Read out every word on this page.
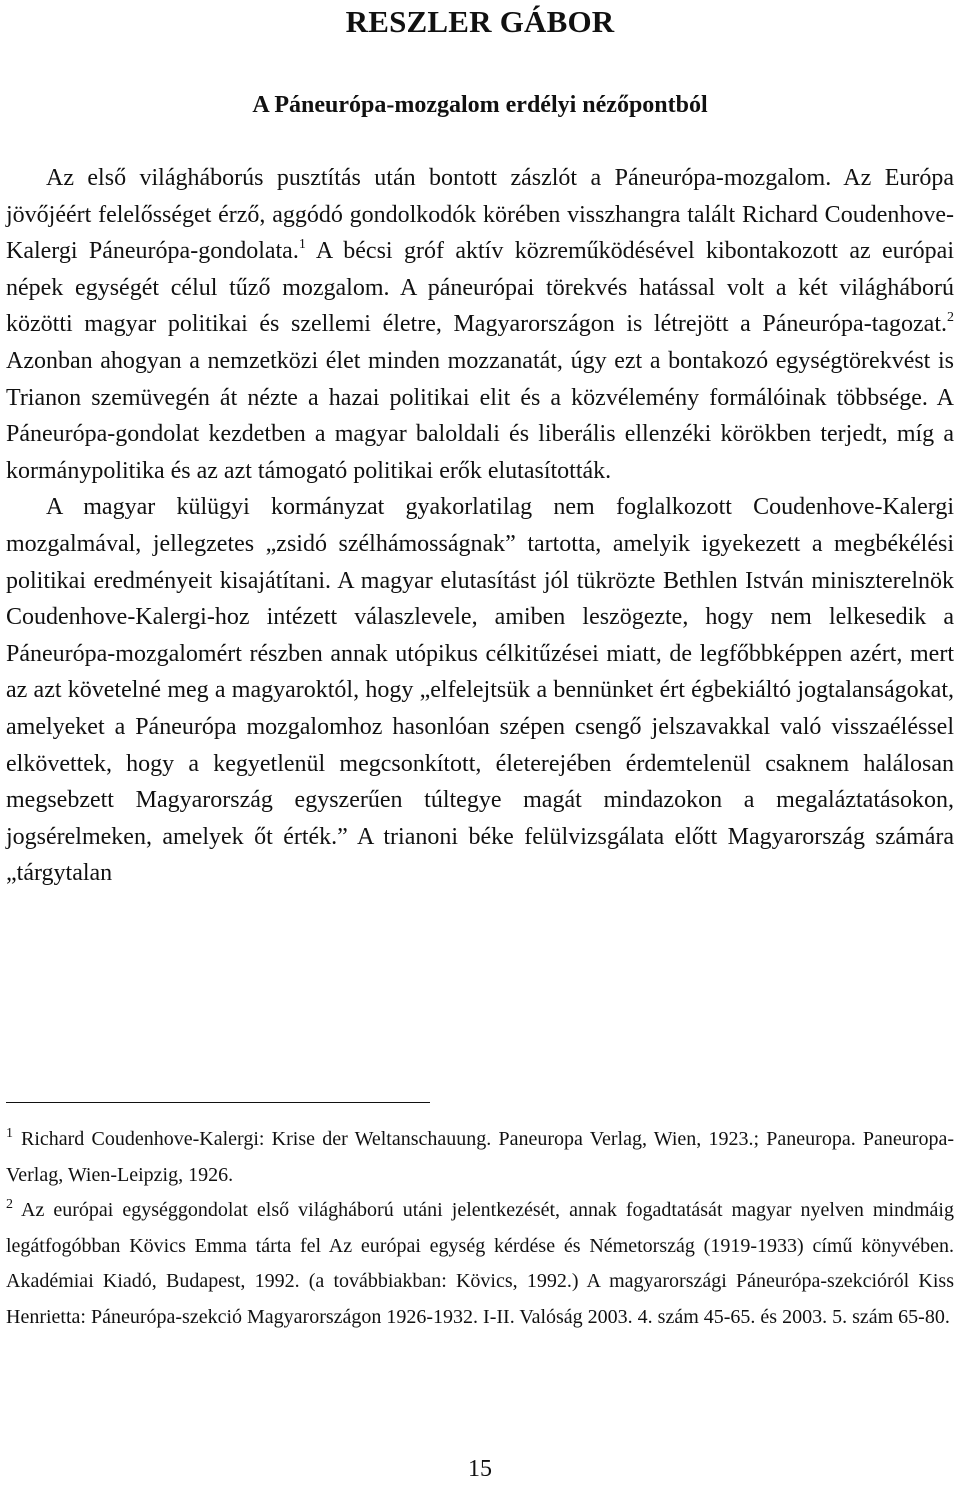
RESZLER GÁBOR
A Páneurópa-mozgalom erdélyi nézőpontból

Az első világháborús pusztítás után bontott zászlót a Páneurópa-mozgalom. Az Európa jövőjéért felelősséget érző, aggódó gondolkodók körében visszhangra talált Richard Coudenhove-Kalergi Páneurópa-gondolata.$^1$ A bécsi gróf aktív közreműködésével kibontakozott az európai népek egységét célul tűző mozgalom. A páneurópai törekvés hatással volt a két világháború közötti magyar politikai és szellemi életre, Magyarországon is létrejött a Páneurópa-tagozat.$^2$ Azonban ahogyan a nemzetközi élet minden mozzanatát, úgy ezt a bontakozó egységtörekvést is Trianon szemüvegén át nézte a hazai politikai elit és a közvélemény formálóinak többsége. A Páneurópa-gondolat kezdetben a magyar baloldali és liberális ellenzéki körökben terjedt, míg a kormánypolitika és az azt támogató politikai erők elutasították.

A magyar külügyi kormányzat gyakorlatilag nem foglalkozott Coudenhove-Kalergi mozgalmával, jellegzetes „zsidó szélhámosságnak” tartotta, amelyik igyekezett a megbékélési politikai eredményeit kisajátítani. A magyar elutasítást jól tükrözte Bethlen István miniszterelnök Coudenhove-Kalergi-hoz intézett válaszlevele, amiben leszögezte, hogy nem lelkesedik a Páneurópa-mozgalomért részben annak utópikus célkitűzései miatt, de legfőbbképpen azért, mert az azt követelné meg a magyaroktól, hogy „elfelejtsük a bennünket ért égbekiáltó jogtalanságokat, amelyeket a Páneurópa mozgalomhoz hasonlóan szépen csengő jelszavakkal való visszaéléssel elkövettek, hogy a kegyetlenül megcsonkított, életerejében érdemtelenül csaknem halálosan megsebzett Magyarország egyszerűen túltegye magát mindazokon a megaláztatásokon, jogsérelmeken, amelyek őt érték.” A trianoni béke felülvizsgálata előtt Magyarország számára „tárgytalan

$^1$ Richard Coudenhove-Kalergi: Krise der Weltanschauung. Paneuropa Verlag, Wien, 1923.; Paneuropa. Paneuropa-Verlag, Wien-Leipzig, 1926.

$^2$ Az európai egységgondolat első világháború utáni jelentkezését, annak fogadtatását magyar nyelven mindmáig legátfogóbban Kövics Emma tárta fel Az európai egység kérdése és Németország (1919-1933) című könyvében. Akadémiai Kiadó, Budapest, 1992. (a továbbiakban: Kövics, 1992.) A magyarországi Páneurópa-szekcióról Kiss Henrietta: Páneurópa-szekció Magyarországon 1926-1932. I-II. Valóság 2003. 4. szám 45-65. és 2003. 5. szám 65-80.

15
